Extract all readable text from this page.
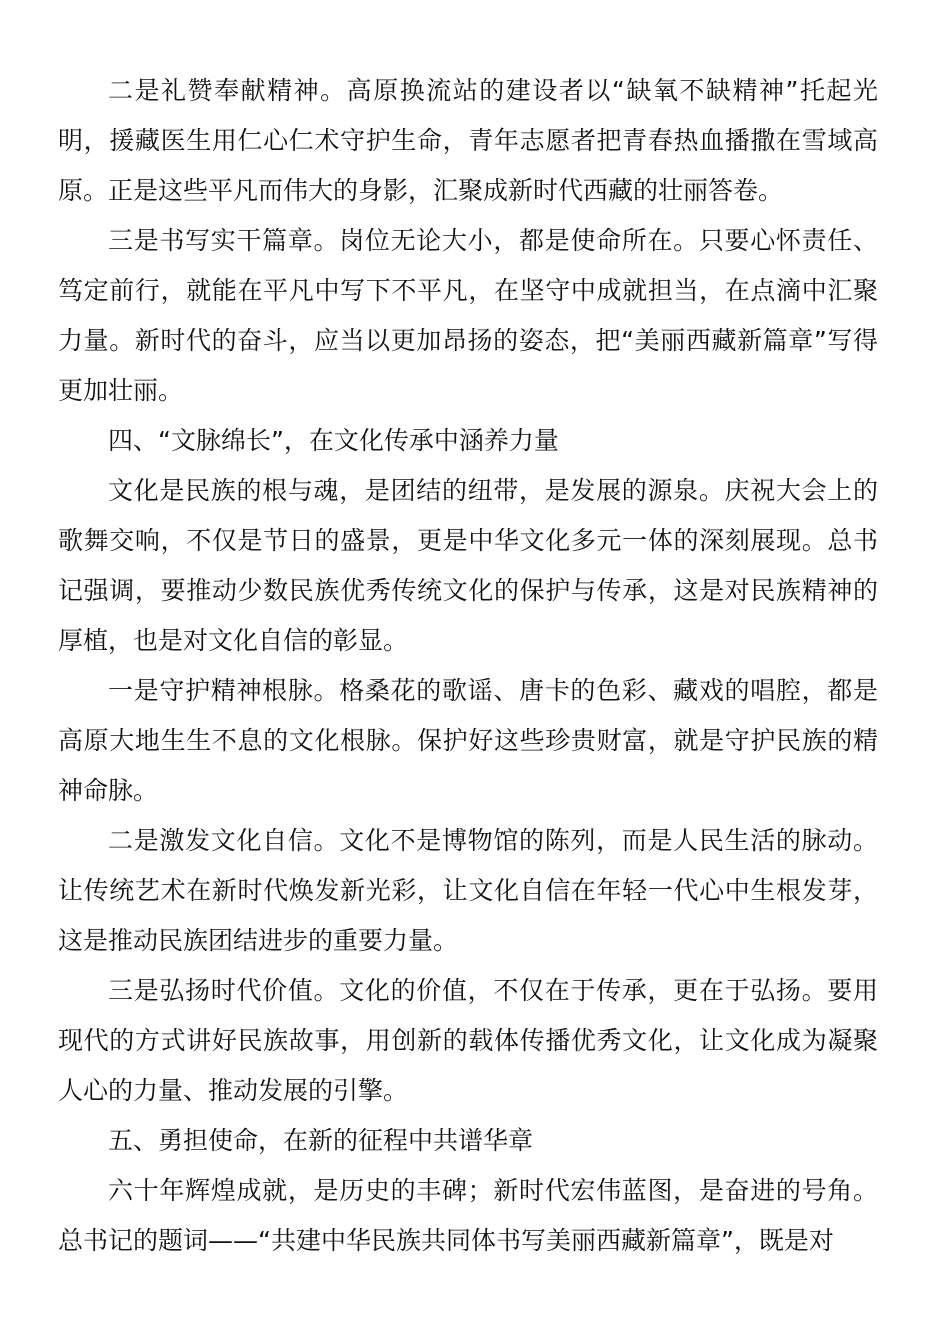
二是礼赞奉献精神。高原换流站的建设者以“缺氧不缺精神”托起光明，援藏医生用仁心仁术守护生命，青年志愿者把青春热血播撒在雪域高原。正是这些平凡而伟大的身影，汇聚成新时代西藏的壮丽答卷。

三是书写实干篇章。岗位无论大小，都是使命所在。只要心怀责任、笃定前行，就能在平凡中写下不平凡，在坚守中成就担当，在点滴中汇聚力量。新时代的奋斗，应当以更加昂扬的姿态，把“美丽西藏新篇章”写得更加壮丽。

四、“文脉绵长”，在文化传承中涵养力量

文化是民族的根与魂，是团结的纽带，是发展的源泉。庆祝大会上的歌舞交响，不仅是节日的盛景，更是中华文化多元一体的深刻展现。总书记强调，要推动少数民族优秀传统文化的保护与传承，这是对民族精神的厚植，也是对文化自信的彰显。

一是守护精神根脉。格桑花的歌谣、唐卡的色彩、藏戏的唱腔，都是高原大地生生不息的文化根脉。保护好这些珍贵财富，就是守护民族的精神命脉。

二是激发文化自信。文化不是博物馆的陈列，而是人民生活的脉动。让传统艺术在新时代焕发新光彩，让文化自信在年轻一代心中生根发芽，这是推动民族团结进步的重要力量。

三是弘扬时代价值。文化的价值，不仅在于传承，更在于弘扬。要用现代的方式讲好民族故事，用创新的载体传播优秀文化，让文化成为凝聚人心的力量、推动发展的引擎。

五、勇担使命，在新的征程中共谱华章

六十年辉煌成就，是历史的丰碑；新时代宏伟蓝图，是奋进的号角。总书记的题词——“共建中华民族共同体书写美丽西藏新篇章”，既是对
